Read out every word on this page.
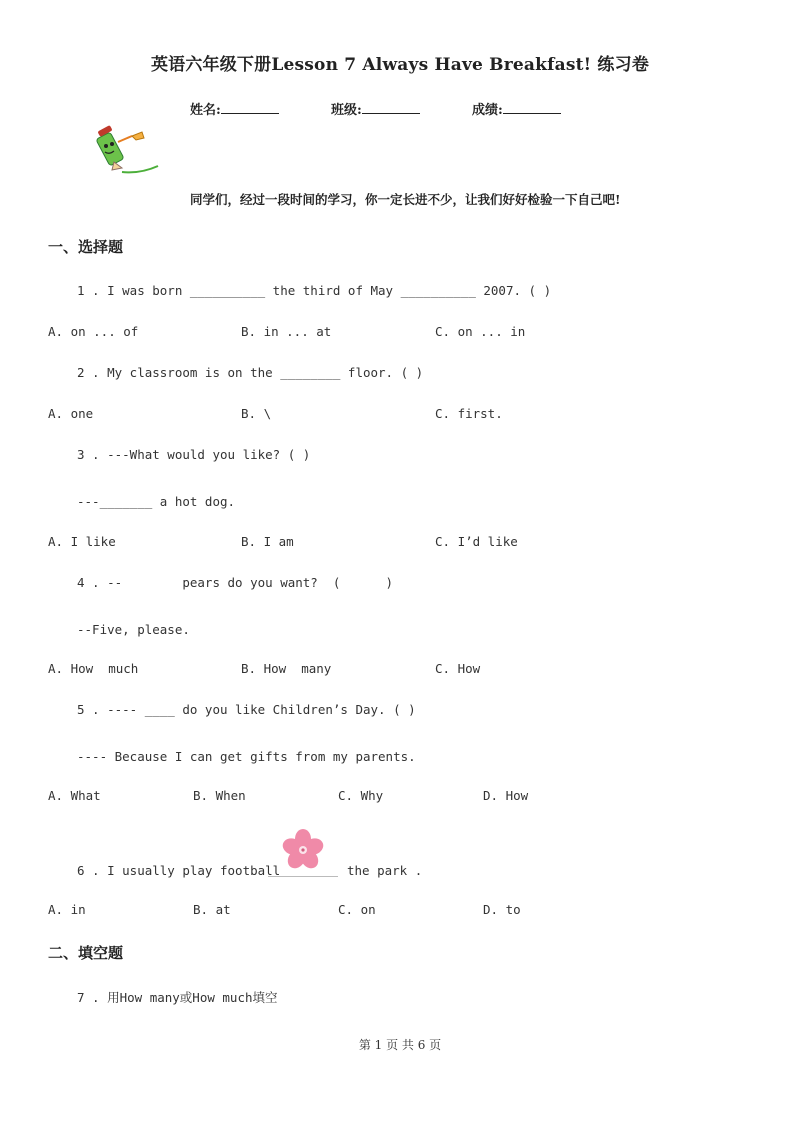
英语六年级下册Lesson 7 Always Have Breakfast! 练习卷
姓名:	班级:	成绩:
同学们，经过一段时间的学习，你一定长进不少，让我们好好检验一下自己吧!
一、选择题
1 . I was born __________ the third of May __________ 2007. ( )
A. on ... of	B. in ... at	C. on ... in
2 . My classroom is on the ________ floor. ( )
A. one	B. \	C. first.
3 . ---What would you like? ( )
---_______ a hot dog.
A. I like	B. I am	C. I’d like
4 . --        pears do you want?  (      )
--Five, please.
A. How  much	B. How  many	C. How
5 . ---- ____ do you like Children’s Day. ( )
---- Because I can get gifts from my parents.
A. What	B. When	C. Why	D. How
6 . I usually play football	the park .
A. in	B. at	C. on	D. to
二、填空题
7 . 用How many或How much填空
第 1 页 共 6 页
